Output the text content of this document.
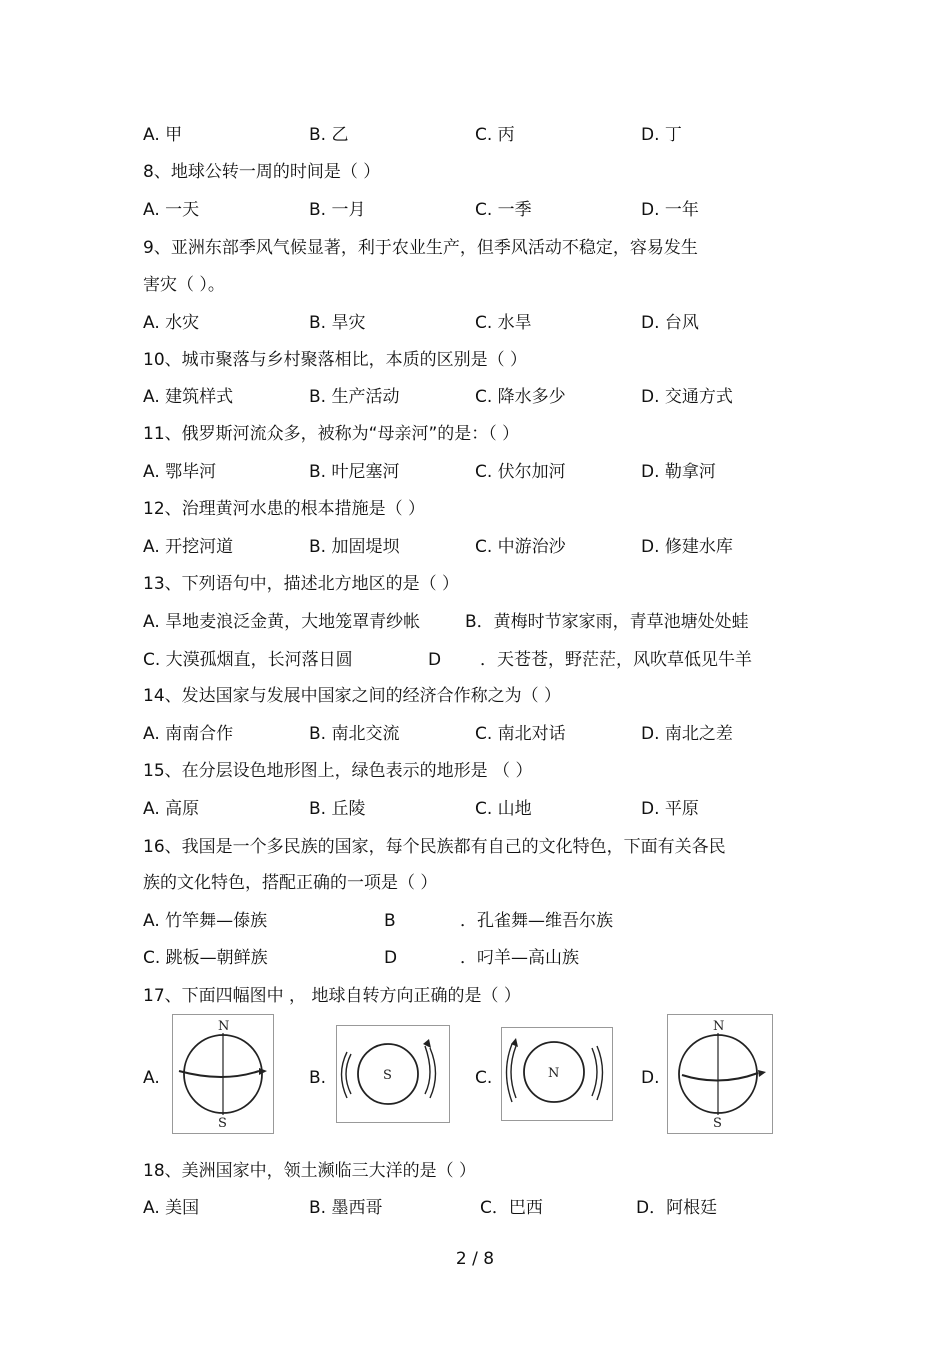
A. 甲	B. 乙	C. 丙	D. 丁
8、地球公转一周的时间是（ ）
A. 一天	B. 一月	C. 一季	D. 一年
9、亚洲东部季风气候显著，利于农业生产，但季风活动不稳定，容易发生
害灾（ ）。
A. 水灾	B. 旱灾	C. 水旱	D. 台风
10、城市聚落与乡村聚落相比，本质的区别是（ ）
A. 建筑样式	B. 生产活动	C. 降水多少	D. 交通方式
11、俄罗斯河流众多，被称为“母亲河”的是：（ ）
A. 鄂毕河	B. 叶尼塞河	C. 伏尔加河	D. 勒拿河
12、治理黄河水患的根本措施是（ ）
A. 开挖河道	B. 加固堤坝	C. 中游治沙	D. 修建水库
13、下列语句中，描述北方地区的是（ ）
A. 旱地麦浪泛金黄，大地笼罩青纱帐	B．黄梅时节家家雨，青草池塘处处蛙
C. 大漠孤烟直，长河落日圆	D ．天苍苍，野茫茫，风吹草低见牛羊
14、发达国家与发展中国家之间的经济合作称之为（ ）
A. 南南合作	B. 南北交流	C. 南北对话	D. 南北之差
15、在分层设色地形图上，绿色表示的地形是 （ ）
A. 高原	B. 丘陵	C. 山地	D. 平原
16、我国是一个多民族的国家，每个民族都有自己的文化特色，下面有关各民
族的文化特色，搭配正确的一项是（ ）
A. 竹竿舞—傣族	B	．孔雀舞—维吾尔族
C. 跳板—朝鲜族	D	．叼羊—高山族
17、下面四幅图中 ， 地球自转方向正确的是（ ）
A.
N
S
B.	S	C.	N	D.
N
S
18、美洲国家中，领土濒临三大洋的是（ ）
A. 美国	B. 墨西哥	C．巴西	D．阿根廷
2 / 8
